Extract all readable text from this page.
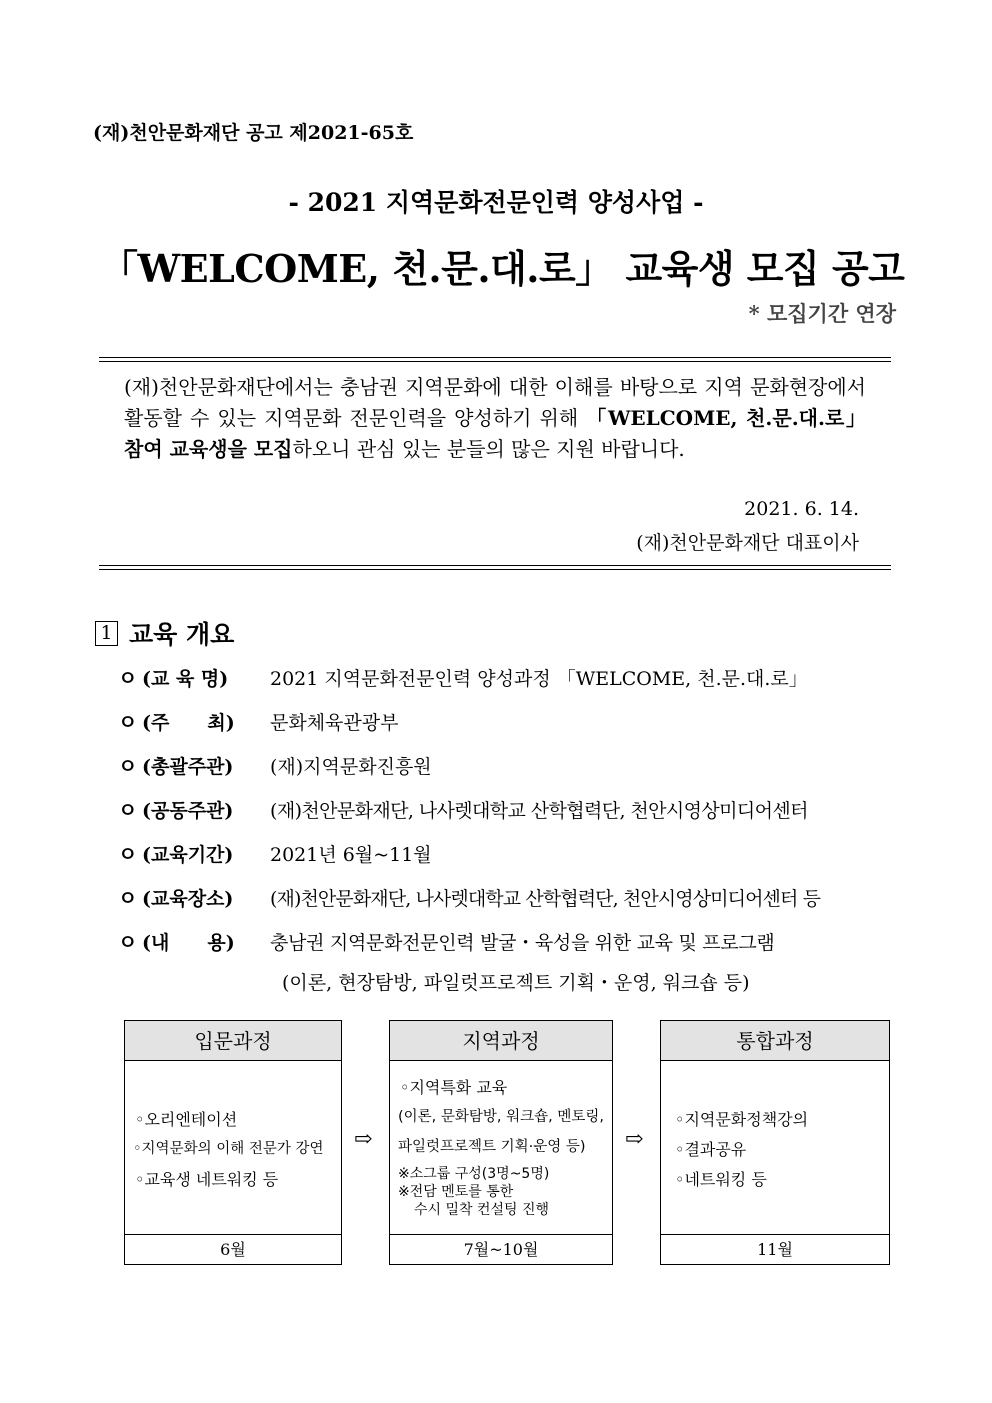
(재)천안문화재단 공고 제2021-65호
- 2021 지역문화전문인력 양성사업 -
「WELCOME, 천.문.대.로」 교육생 모집 공고
* 모집기간 연장

(재)천안문화재단에서는 충남권 지역문화에 대한 이해를 바탕으로 지역 문화현장에서 활동할 수 있는 지역문화 전문인력을 양성하기 위해 「WELCOME, 천.문.대.로」 참여 교육생을 모집하오니 관심 있는 분들의 많은 지원 바랍니다.

2021. 6. 14.
(재)천안문화재단 대표이사
1 교육 개요
ㅇ (교 육 명)	2021 지역문화전문인력 양성과정 「WELCOME, 천.문.대.로」
ㅇ (주　　최)	문화체육관광부
ㅇ (총괄주관)	(재)지역문화진흥원
ㅇ (공동주관)	(재)천안문화재단, 나사렛대학교 산학협력단, 천안시영상미디어센터
ㅇ (교육기간)	2021년 6월~11월
ㅇ (교육장소)	(재)천안문화재단, 나사렛대학교 산학협력단, 천안시영상미디어센터 등
ㅇ (내　　용)	충남권 지역문화전문인력 발굴・육성을 위한 교육 및 프로그램
(이론, 현장탐방, 파일럿프로젝트 기획・운영, 워크숍 등)
입문과정
◦오리엔테이션
◦지역문화의 이해 전문가 강연
◦교육생 네트워킹 등
6월
⇨
지역과정
◦지역특화 교육
(이론, 문화탐방, 워크숍, 멘토링,
파일럿프로젝트 기획·운영 등)
※소그룹 구성(3명~5명)
※전담 멘토를 통한
수시 밀착 컨설팅 진행
7월~10월
⇨
통합과정
◦지역문화정책강의
◦결과공유
◦네트워킹 등
11월
